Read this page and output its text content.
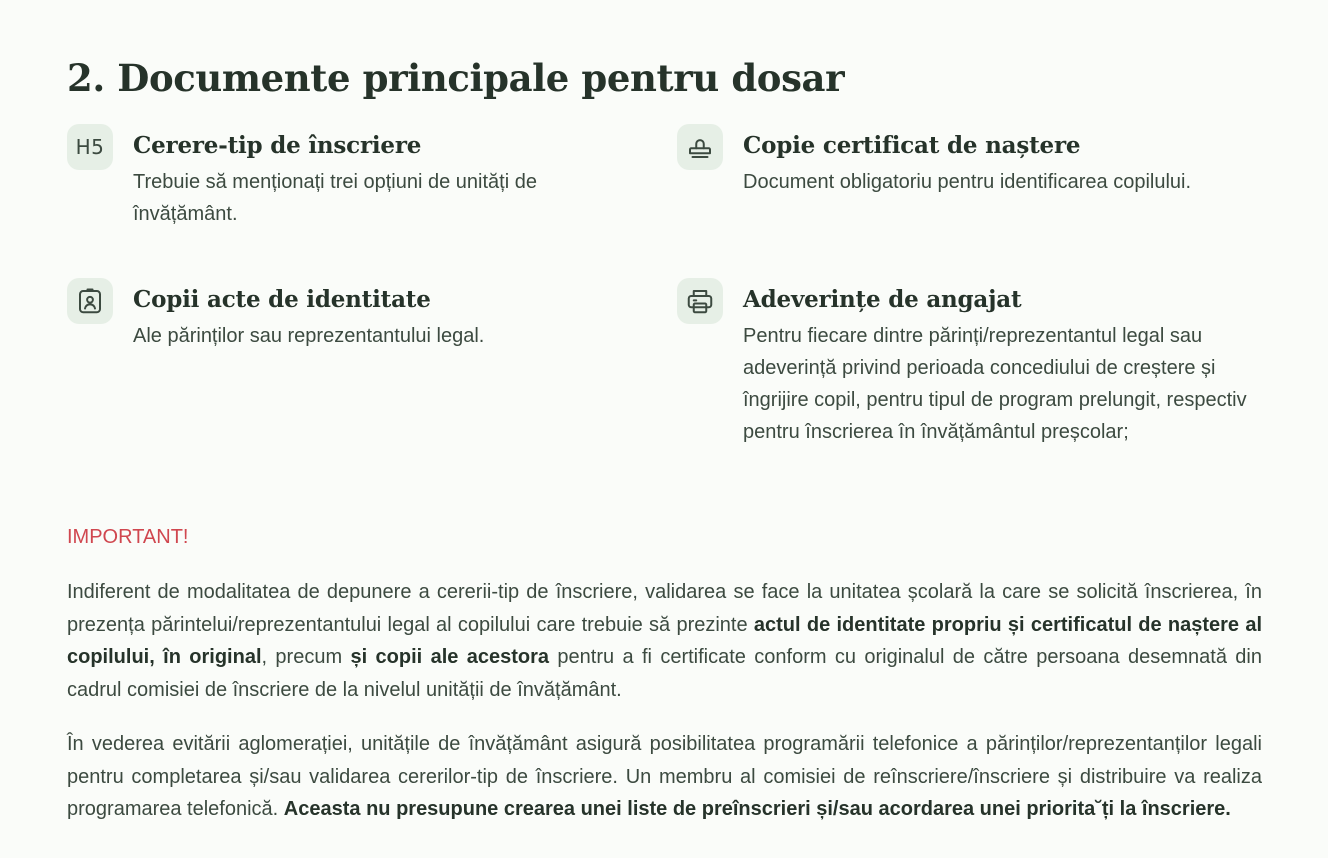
2. Documente principale pentru dosar
H5 Cerere-tip de înscriere
Trebuie să menționați trei opțiuni de unități de învățământ.
Copie certificat de naștere
Document obligatoriu pentru identificarea copilului.
Copii acte de identitate
Ale părinților sau reprezentantului legal.
Adeverințe de angajat
Pentru fiecare dintre părinți/reprezentantul legal sau adeverință privind perioada concediului de creștere și îngrijire copil, pentru tipul de program prelungit, respectiv pentru înscrierea în învățământul preșcolar;
IMPORTANT!

Indiferent de modalitatea de depunere a cererii-tip de înscriere, validarea se face la unitatea școlară la care se solicită înscrierea, în prezența părintelui/reprezentantului legal al copilului care trebuie să prezinte actul de identitate propriu și certificatul de naștere al copilului, în original, precum și copii ale acestora pentru a fi certificate conform cu originalul de către persoana desemnată din cadrul comisiei de înscriere de la nivelul unității de învățământ.

În vederea evitării aglomerației, unitățile de învățământ asigură posibilitatea programării telefonice a părinților/reprezentanților legali pentru completarea și/sau validarea cererilor-tip de înscriere. Un membru al comisiei de reînscriere/înscriere și distribuire va realiza programarea telefonică. Aceasta nu presupune crearea unei liste de preînscrieri și/sau acordarea unei priorita˘ți la înscriere.
